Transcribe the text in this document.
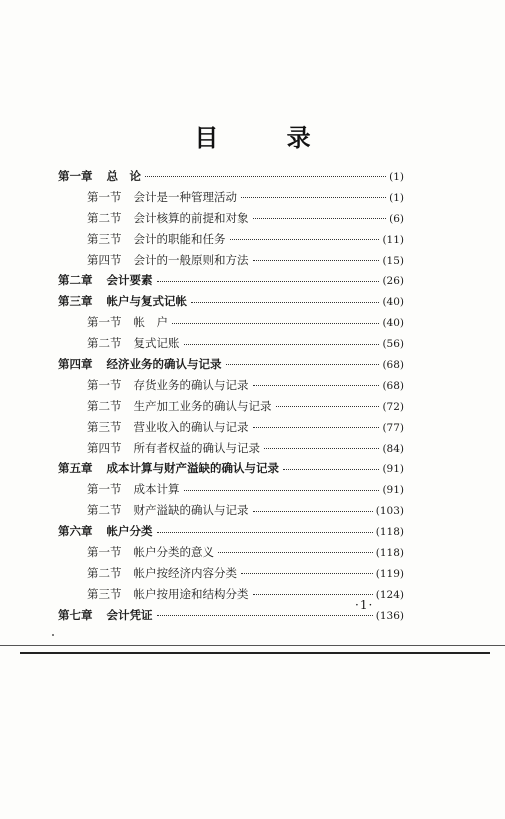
目 录
第一章 总　论	(1)
第一节 会计是一种管理活动	(1)
第二节 会计核算的前提和对象	(6)
第三节 会计的职能和任务	(11)
第四节 会计的一般原则和方法	(15)
第二章 会计要素	(26)
第三章 帐户与复式记帐	(40)
第一节 帐　户	(40)
第二节 复式记账	(56)
第四章 经济业务的确认与记录	(68)
第一节 存货业务的确认与记录	(68)
第二节 生产加工业务的确认与记录	(72)
第三节 营业收入的确认与记录	(77)
第四节 所有者权益的确认与记录	(84)
第五章 成本计算与财产溢缺的确认与记录	(91)
第一节 成本计算	(91)
第二节 财产溢缺的确认与记录	(103)
第六章 帐户分类	(118)
第一节 帐户分类的意义	(118)
第二节 帐户按经济内容分类	(119)
第三节 帐户按用途和结构分类	(124)
第七章 会计凭证	(136)
·1·
